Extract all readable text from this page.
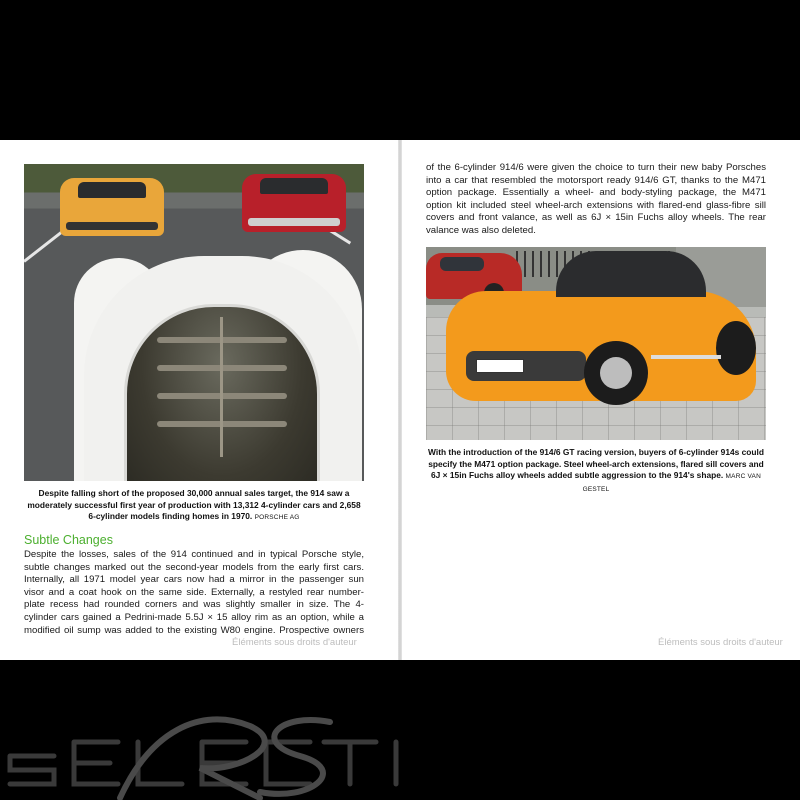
Despite falling short of the proposed 30,000 annual sales target, the 914 saw a
moderately successful first year of production with 13,312 4-cylinder cars and 2,658
6-cylinder models finding homes in 1970. PORSCHE AG
Subtle Changes
Despite the losses, sales of the 914 continued and in typical Porsche style,
subtle changes marked out the second-year models from the early first cars.
Internally, all 1971 model year cars now had a mirror in the passenger sun
visor and a coat hook on the same side. Externally, a restyled rear number-
plate recess had rounded corners and was slightly smaller in size. The 4-
cylinder cars gained a Pedrini-made 5.5J × 15 alloy rim as an option, while a
modified oil sump was added to the existing W80 engine. Prospective owners
Éléments sous droits d'auteur
of the 6-cylinder 914/6 were given the choice to turn their new baby Porsches
into a car that resembled the motorsport ready 914/6 GT, thanks to the M471
option package. Essentially a wheel- and body-styling package, the M471
option kit included steel wheel-arch extensions with flared-end glass-fibre sill
covers and front valance, as well as 6J × 15in Fuchs alloy wheels. The rear
valance was also deleted.
With the introduction of the 914/6 GT racing version, buyers of 6-cylinder 914s could
specify the M471 option package. Steel wheel-arch extensions, flared sill covers and
6J × 15in Fuchs alloy wheels added subtle aggression to the 914's shape. MARC VAN
GESTEL
Éléments sous droits d'auteur
